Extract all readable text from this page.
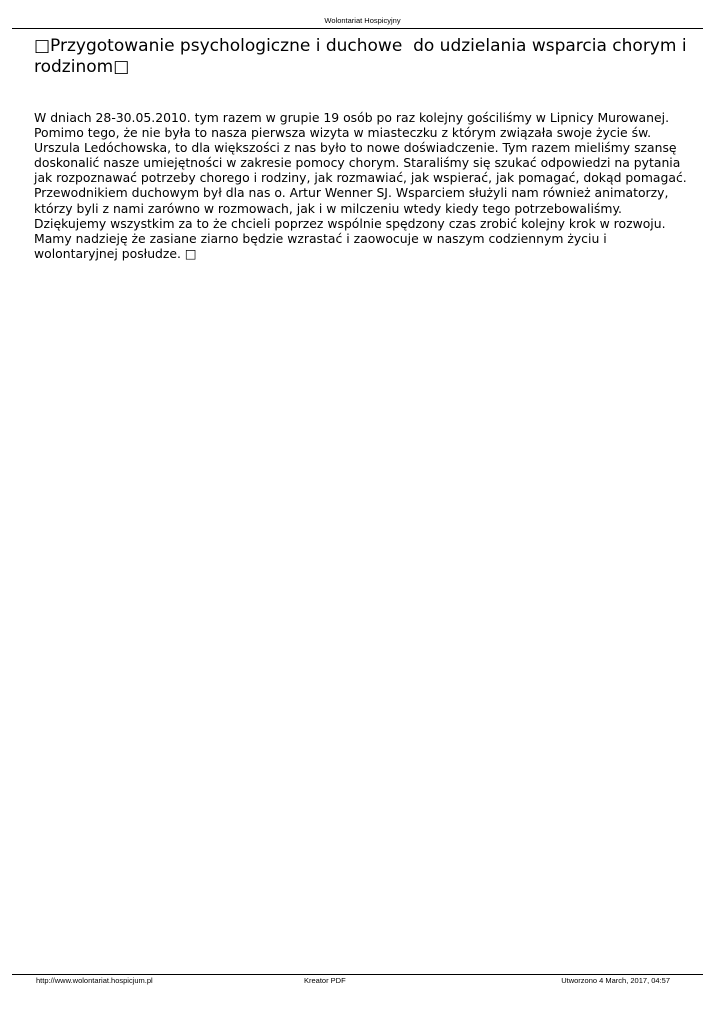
Wolontariat Hospicyjny
□Przygotowanie psychologiczne i duchowe  do udzielania wsparcia chorym i rodzinom□

W dniach 28-30.05.2010. tym razem w grupie 19 osób po raz kolejny gościliśmy w Lipnicy Murowanej.

Pomimo tego, że nie była to nasza pierwsza wizyta w miasteczku z którym związała swoje życie św.

Urszula Ledóchowska, to dla większości z nas było to nowe doświadczenie. Tym razem mieliśmy szansę

doskonalić nasze umiejętności w zakresie pomocy chorym. Staraliśmy się szukać odpowiedzi na pytania

jak rozpoznawać potrzeby chorego i rodziny, jak rozmawiać, jak wspierać, jak pomagać, dokąd pomagać.

Przewodnikiem duchowym był dla nas o. Artur Wenner SJ. Wsparciem służyli nam również animatorzy,

którzy byli z nami zarówno w rozmowach, jak i w milczeniu wtedy kiedy tego potrzebowaliśmy.

Dziękujemy wszystkim za to że chcieli poprzez wspólnie spędzony czas zrobić kolejny krok w rozwoju.

Mamy nadzieję że zasiane ziarno będzie wzrastać i zaowocuje w naszym codziennym życiu i

wolontaryjnej posłudze. □

http://www.wolontariat.hospicjum.pl	Kreator PDF	Utworzono 4 March, 2017, 04:57
